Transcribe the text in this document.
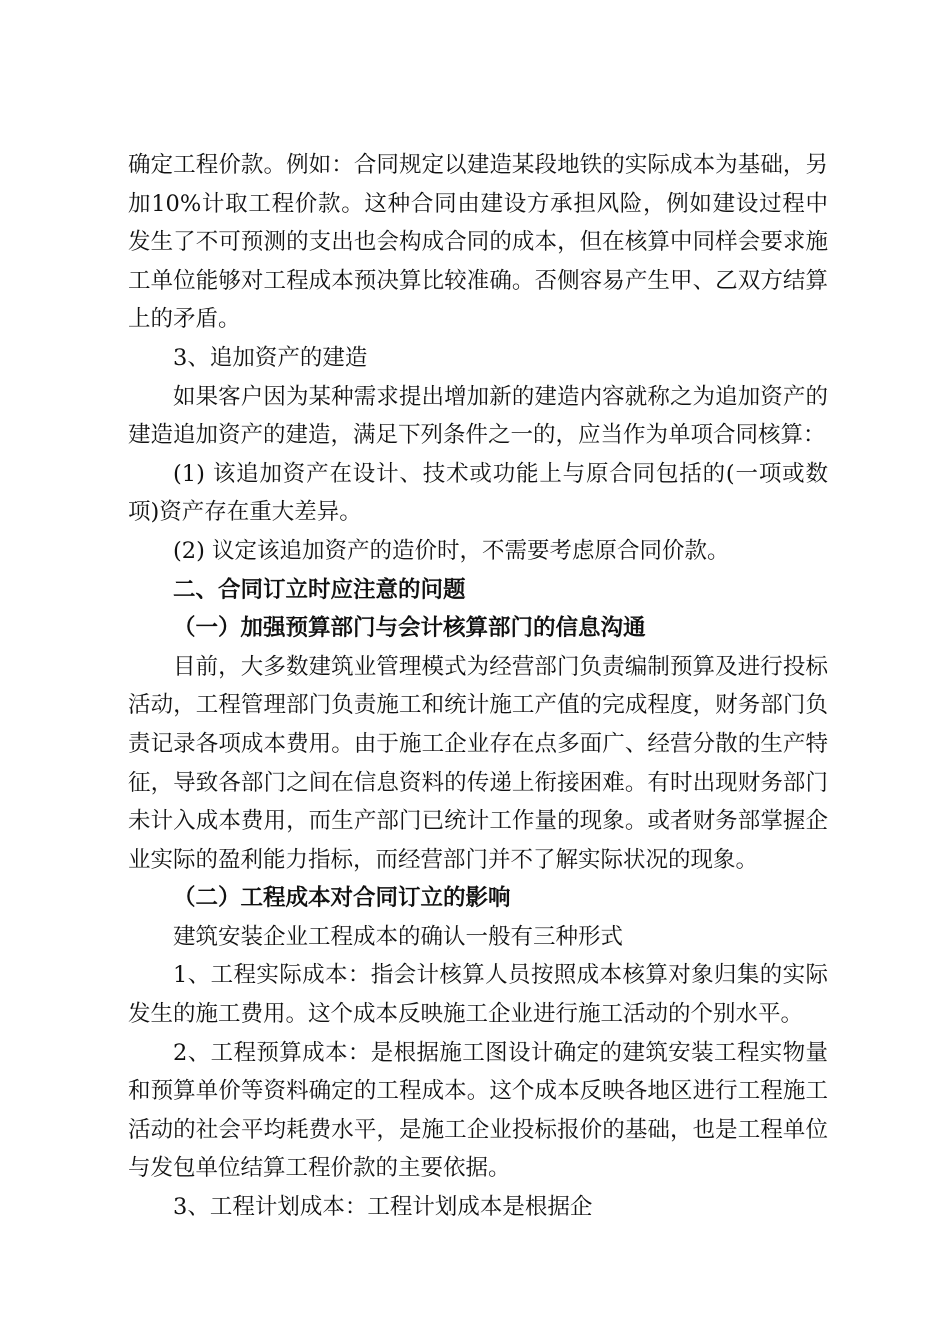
确定工程价款。例如：合同规定以建造某段地铁的实际成本为基础，另加10%计取工程价款。这种合同由建设方承担风险，例如建设过程中发生了不可预测的支出也会构成合同的成本，但在核算中同样会要求施工单位能够对工程成本预决算比较准确。否侧容易产生甲、乙双方结算上的矛盾。

3、追加资产的建造

如果客户因为某种需求提出增加新的建造内容就称之为追加资产的建造追加资产的建造，满足下列条件之一的，应当作为单项合同核算：

(1) 该追加资产在设计、技术或功能上与原合同包括的(一项或数项)资产存在重大差异。

(2) 议定该追加资产的造价时，不需要考虑原合同价款。

二、合同订立时应注意的问题

（一）加强预算部门与会计核算部门的信息沟通

目前，大多数建筑业管理模式为经营部门负责编制预算及进行投标活动，工程管理部门负责施工和统计施工产值的完成程度，财务部门负责记录各项成本费用。由于施工企业存在点多面广、经营分散的生产特征，导致各部门之间在信息资料的传递上衔接困难。有时出现财务部门未计入成本费用，而生产部门已统计工作量的现象。或者财务部掌握企业实际的盈利能力指标，而经营部门并不了解实际状况的现象。

（二）工程成本对合同订立的影响

建筑安装企业工程成本的确认一般有三种形式

1、工程实际成本：指会计核算人员按照成本核算对象归集的实际发生的施工费用。这个成本反映施工企业进行施工活动的个别水平。

2、工程预算成本：是根据施工图设计确定的建筑安装工程实物量和预算单价等资料确定的工程成本。这个成本反映各地区进行工程施工活动的社会平均耗费水平，是施工企业投标报价的基础，也是工程单位与发包单位结算工程价款的主要依据。

3、工程计划成本：工程计划成本是根据企
